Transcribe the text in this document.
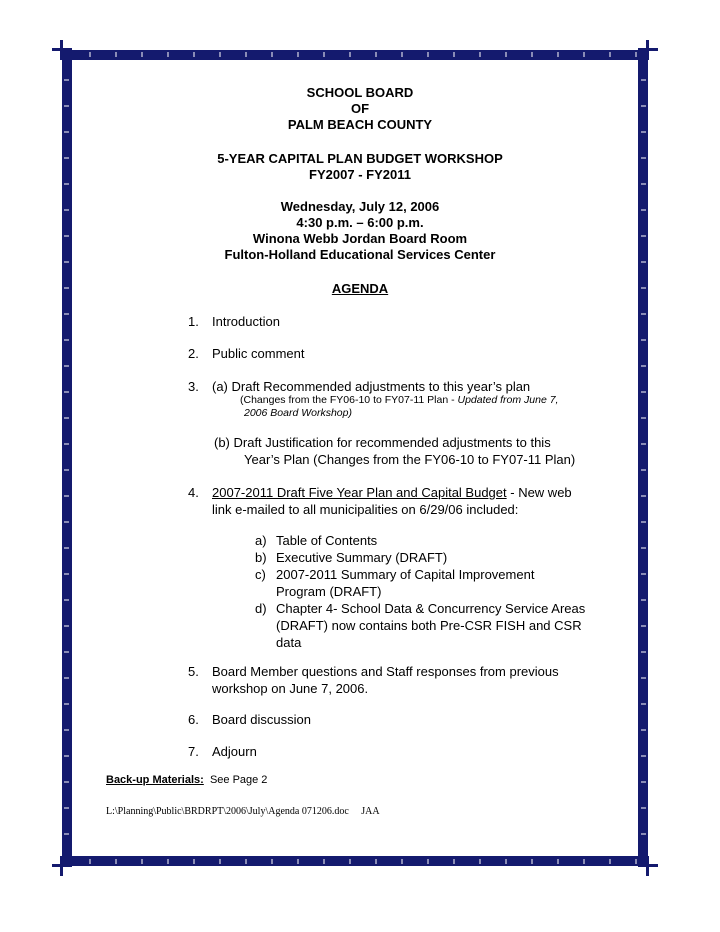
SCHOOL BOARD
OF
PALM BEACH COUNTY
5-YEAR CAPITAL PLAN BUDGET WORKSHOP
FY2007 - FY2011
Wednesday, July 12, 2006
4:30 p.m. – 6:00 p.m.
Winona Webb Jordan Board Room
Fulton-Holland Educational Services Center
AGENDA
1. Introduction
2. Public comment
3. (a) Draft Recommended adjustments to this year’s plan
(Changes from the FY06-10 to FY07-11 Plan - Updated from June 7,
2006 Board Workshop)
(b) Draft Justification for recommended adjustments to this
Year’s Plan (Changes from the FY06-10 to FY07-11 Plan)
4. 2007-2011 Draft Five Year Plan and Capital Budget - New web
link e-mailed to all municipalities on 6/29/06 included:
a) Table of Contents
b) Executive Summary (DRAFT)
c) 2007-2011 Summary of Capital Improvement
Program (DRAFT)
d) Chapter 4- School Data & Concurrency Service Areas
(DRAFT) now contains both Pre-CSR FISH and CSR
data
5. Board Member questions and Staff responses from previous
workshop on June 7, 2006.
6. Board discussion
7. Adjourn
Back-up Materials: See Page 2
L:\Planning\Public\BRDRPT\2006\July\Agenda 071206.doc JAA
